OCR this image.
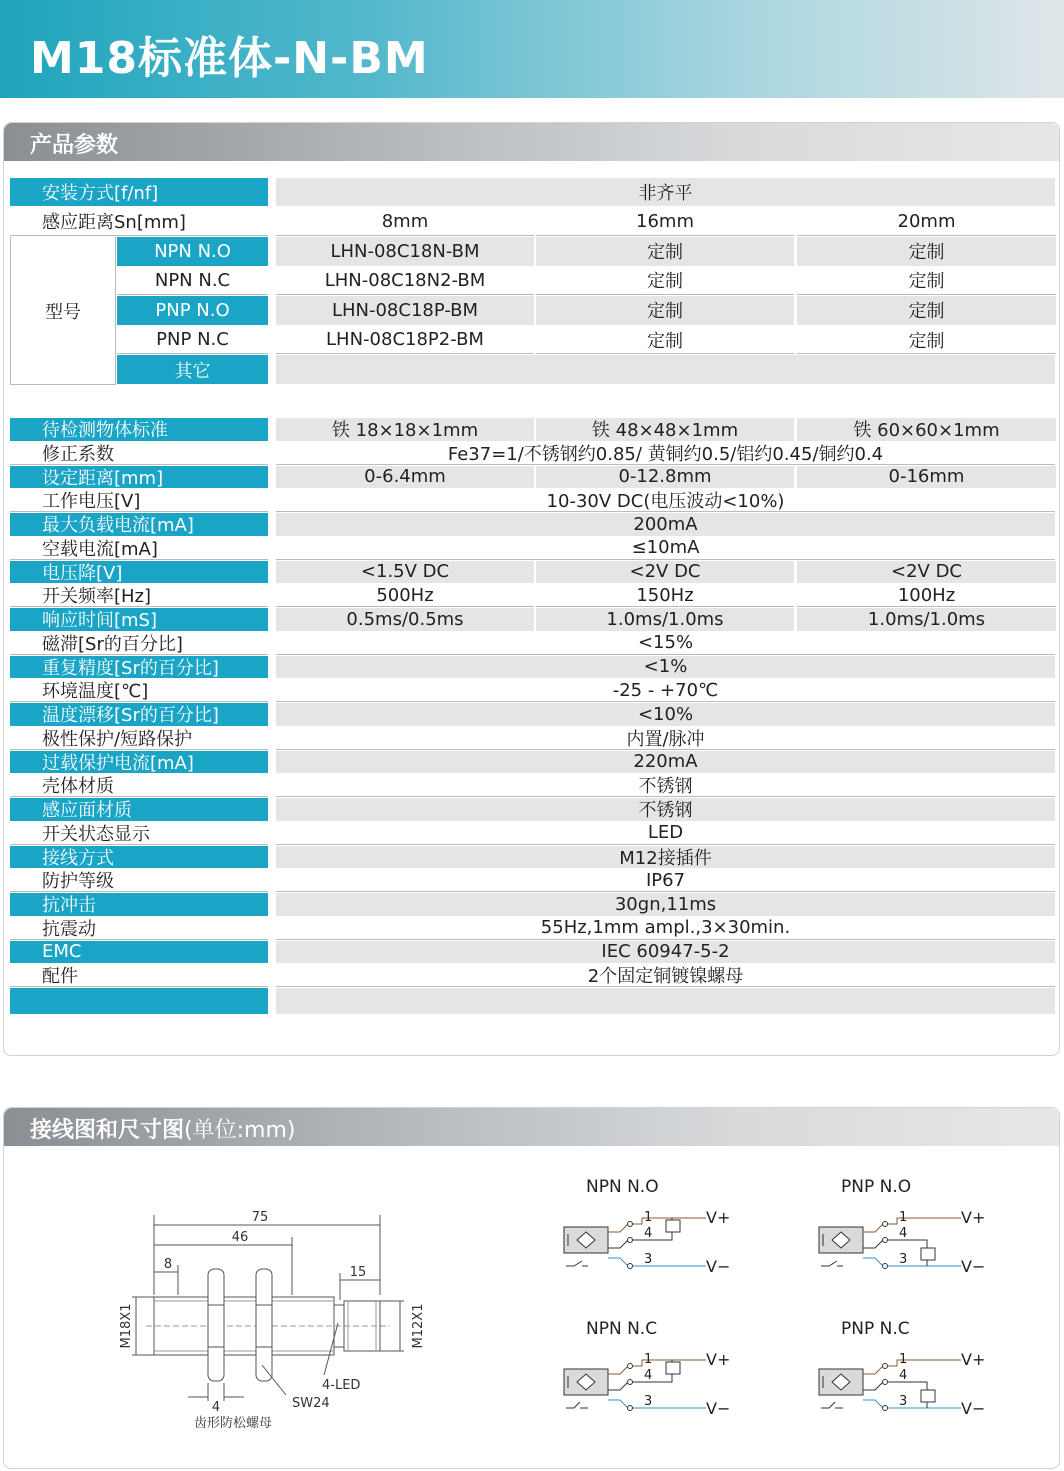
M18标准体-N-BM
产品参数
安装方式[f/nf]	非齐平
感应距离Sn[mm]	8mm	16mm	20mm
型号
NPN N.O	LHN-08C18N-BM	定制	定制
NPN N.C	LHN-08C18N2-BM	定制	定制
PNP N.O	LHN-08C18P-BM	定制	定制
PNP N.C	LHN-08C18P2-BM	定制	定制
其它
待检测物体标准	铁 18×18×1mm	铁 48×48×1mm	铁 60×60×1mm
修正系数	Fe37=1/不锈钢约0.85/ 黄铜约0.5/铝约0.45/铜约0.4
设定距离[mm]	0-6.4mm	0-12.8mm	0-16mm
工作电压[V]	10-30V DC(电压波动<10%)
最大负载电流[mA]	200mA
空载电流[mA]	≤10mA
电压降[V]	<1.5V DC	<2V DC	<2V DC
开关频率[Hz]	500Hz	150Hz	100Hz
响应时间[mS]	0.5ms/0.5ms	1.0ms/1.0ms	1.0ms/1.0ms
磁滞[Sr的百分比]	<15%
重复精度[Sr的百分比]	<1%
环境温度[℃]	-25 - +70℃
温度漂移[Sr的百分比]	<10%
极性保护/短路保护	内置/脉冲
过载保护电流[mA]	220mA
壳体材质	不锈钢
感应面材质	不锈钢
开关状态显示	LED
接线方式	M12接插件
防护等级	IP67
抗冲击	30gn,11ms
抗震动	55Hz,1mm ampl.,3×30min.
EMC	IEC 60947-5-2
配件	2个固定铜镀镍螺母
接线图和尺寸图(单位:mm)
75
46
8
15
4
M18X1	M12X1
4-LED
SW24
齿形防松螺母
NPN N.O
1
4
3
V+
V−
PNP N.O
1
4
3
V+
V−
NPN N.C
1
4
3
V+
V−
PNP N.C
1
4
3
V+
V−
